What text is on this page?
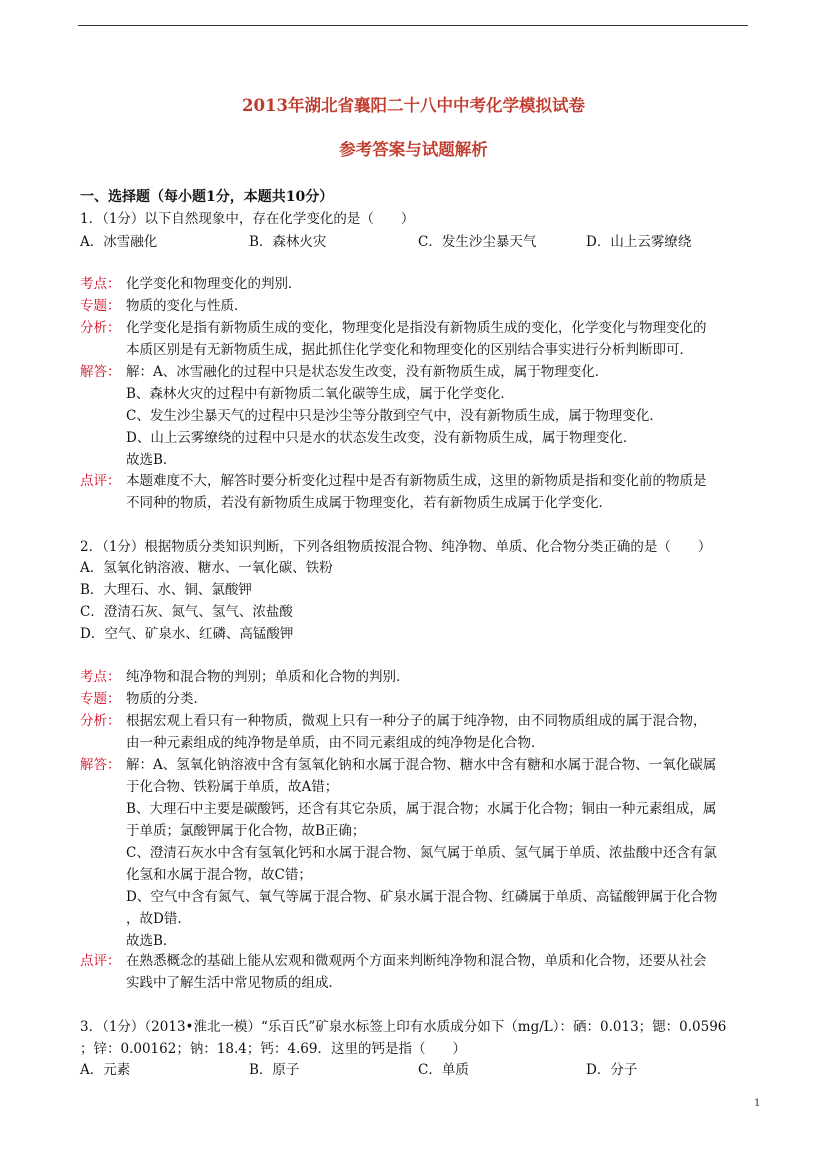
2013年湖北省襄阳二十八中中考化学模拟试卷
参考答案与试题解析
一、选择题（每小题1分，本题共10分）
1．（1分）以下自然现象中，存在化学变化的是（　　）
A．冰雪融化	B．森林火灾	C．发生沙尘暴天气	D．山上云雾缭绕
考点： 化学变化和物理变化的判别．

专题： 物质的变化与性质．

分析： 化学变化是指有新物质生成的变化，物理变化是指没有新物质生成的变化，化学变化与物理变化的

本质区别是有无新物质生成，据此抓住化学变化和物理变化的区别结合事实进行分析判断即可．

解答： 解：A、冰雪融化的过程中只是状态发生改变，没有新物质生成，属于物理变化．

B、森林火灾的过程中有新物质二氧化碳等生成，属于化学变化．

C、发生沙尘暴天气的过程中只是沙尘等分散到空气中，没有新物质生成，属于物理变化．

D、山上云雾缭绕的过程中只是水的状态发生改变，没有新物质生成，属于物理变化．

故选B．

点评： 本题难度不大，解答时要分析变化过程中是否有新物质生成，这里的新物质是指和变化前的物质是

不同种的物质，若没有新物质生成属于物理变化，若有新物质生成属于化学变化．

2．（1分）根据物质分类知识判断，下列各组物质按混合物、纯净物、单质、化合物分类正确的是（　　）
A．氢氧化钠溶液、糖水、一氧化碳、铁粉
B．大理石、水、铜、氯酸钾
C．澄清石灰、氮气、氢气、浓盐酸
D．空气、矿泉水、红磷、高锰酸钾
考点： 纯净物和混合物的判别；单质和化合物的判别．

专题： 物质的分类．

分析： 根据宏观上看只有一种物质，微观上只有一种分子的属于纯净物，由不同物质组成的属于混合物，

由一种元素组成的纯净物是单质，由不同元素组成的纯净物是化合物．

解答： 解：A、氢氧化钠溶液中含有氢氧化钠和水属于混合物、糖水中含有糖和水属于混合物、一氧化碳属

于化合物、铁粉属于单质，故A错；

B、大理石中主要是碳酸钙，还含有其它杂质，属于混合物；水属于化合物；铜由一种元素组成，属

于单质；氯酸钾属于化合物，故B正确；

C、澄清石灰水中含有氢氧化钙和水属于混合物、氮气属于单质、氢气属于单质、浓盐酸中还含有氯

化氢和水属于混合物，故C错；

D、空气中含有氮气、氧气等属于混合物、矿泉水属于混合物、红磷属于单质、高锰酸钾属于化合物

，故D错．

故选B．

点评： 在熟悉概念的基础上能从宏观和微观两个方面来判断纯净物和混合物，单质和化合物，还要从社会

实践中了解生活中常见物质的组成．

3．（1分）（2013•淮北一模）“乐百氏”矿泉水标签上印有水质成分如下（mg/L）：硒：0.013；锶：0.0596
；锌：0.00162；钠：18.4；钙：4.69．这里的钙是指（　　）
A．元素	B．原子	C．单质	D．分子
1
